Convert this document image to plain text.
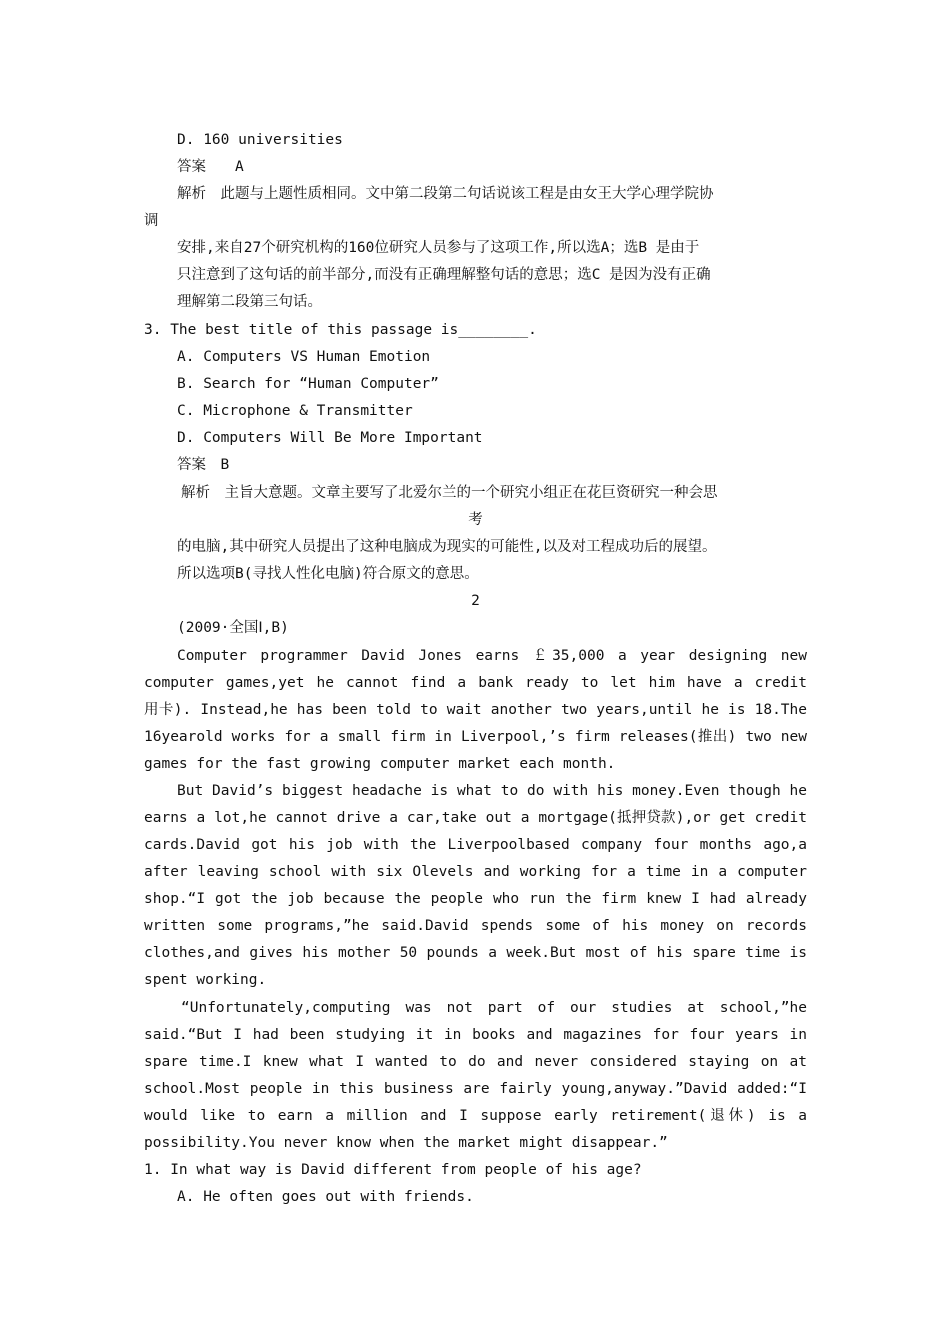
D. 160 universities
答案　　A
解析　此题与上题性质相同。文中第二段第二句话说该工程是由女王大学心理学院协
调
安排,来自27个研究机构的160位研究人员参与了这项工作,所以选A；选B 是由于
只注意到了这句话的前半部分,而没有正确理解整句话的意思；选C 是因为没有正确
理解第二段第三句话。
3. The best title of this passage is________.
A. Computers VS Human Emotion
B. Search for “Human Computer”
C. Microphone & Transmitter
D. Computers Will Be More Important
答案　B
解析　主旨大意题。文章主要写了北爱尔兰的一个研究小组正在花巨资研究一种会思
考
的电脑,其中研究人员提出了这种电脑成为现实的可能性,以及对工程成功后的展望。
所以选项B(寻找人性化电脑)符合原文的意思。
2
(2009·全国Ⅰ,B)
Computer programmer David Jones earns ￡35,000 a year designing new
computer games,yet he cannot find a bank ready to let him have a credit
用卡). Instead,he has been told to wait another two years,until he is 18.The
16yearold works for a small firm in Liverpool,’s firm releases(推出) two new
games for the fast growing computer market each month.
But David’s biggest headache is what to do with his money.Even though he
earns a lot,he cannot drive a car,take out a mortgage(抵押贷款),or get credit
cards.David got his job with the Liverpoolbased company four months ago,a
after leaving school with six Olevels and working for a time in a computer
shop.“I got the job because the people who run the firm knew I had already
written some programs,”he said.David spends some of his money on records
clothes,and gives his mother 50 pounds a week.But most of his spare time is
spent working.
“Unfortunately,computing was not part of our studies at school,”he
said.“But I had been studying it in books and magazines for four years in
spare time.I knew what I wanted to do and never considered staying on at
school.Most people in this business are fairly young,anyway.”David added:“I
would like to earn a million and I suppose early retirement(退休) is a
possibility.You never know when the market might disappear.”
1. In what way is David different from people of his age?
A. He often goes out with friends.
